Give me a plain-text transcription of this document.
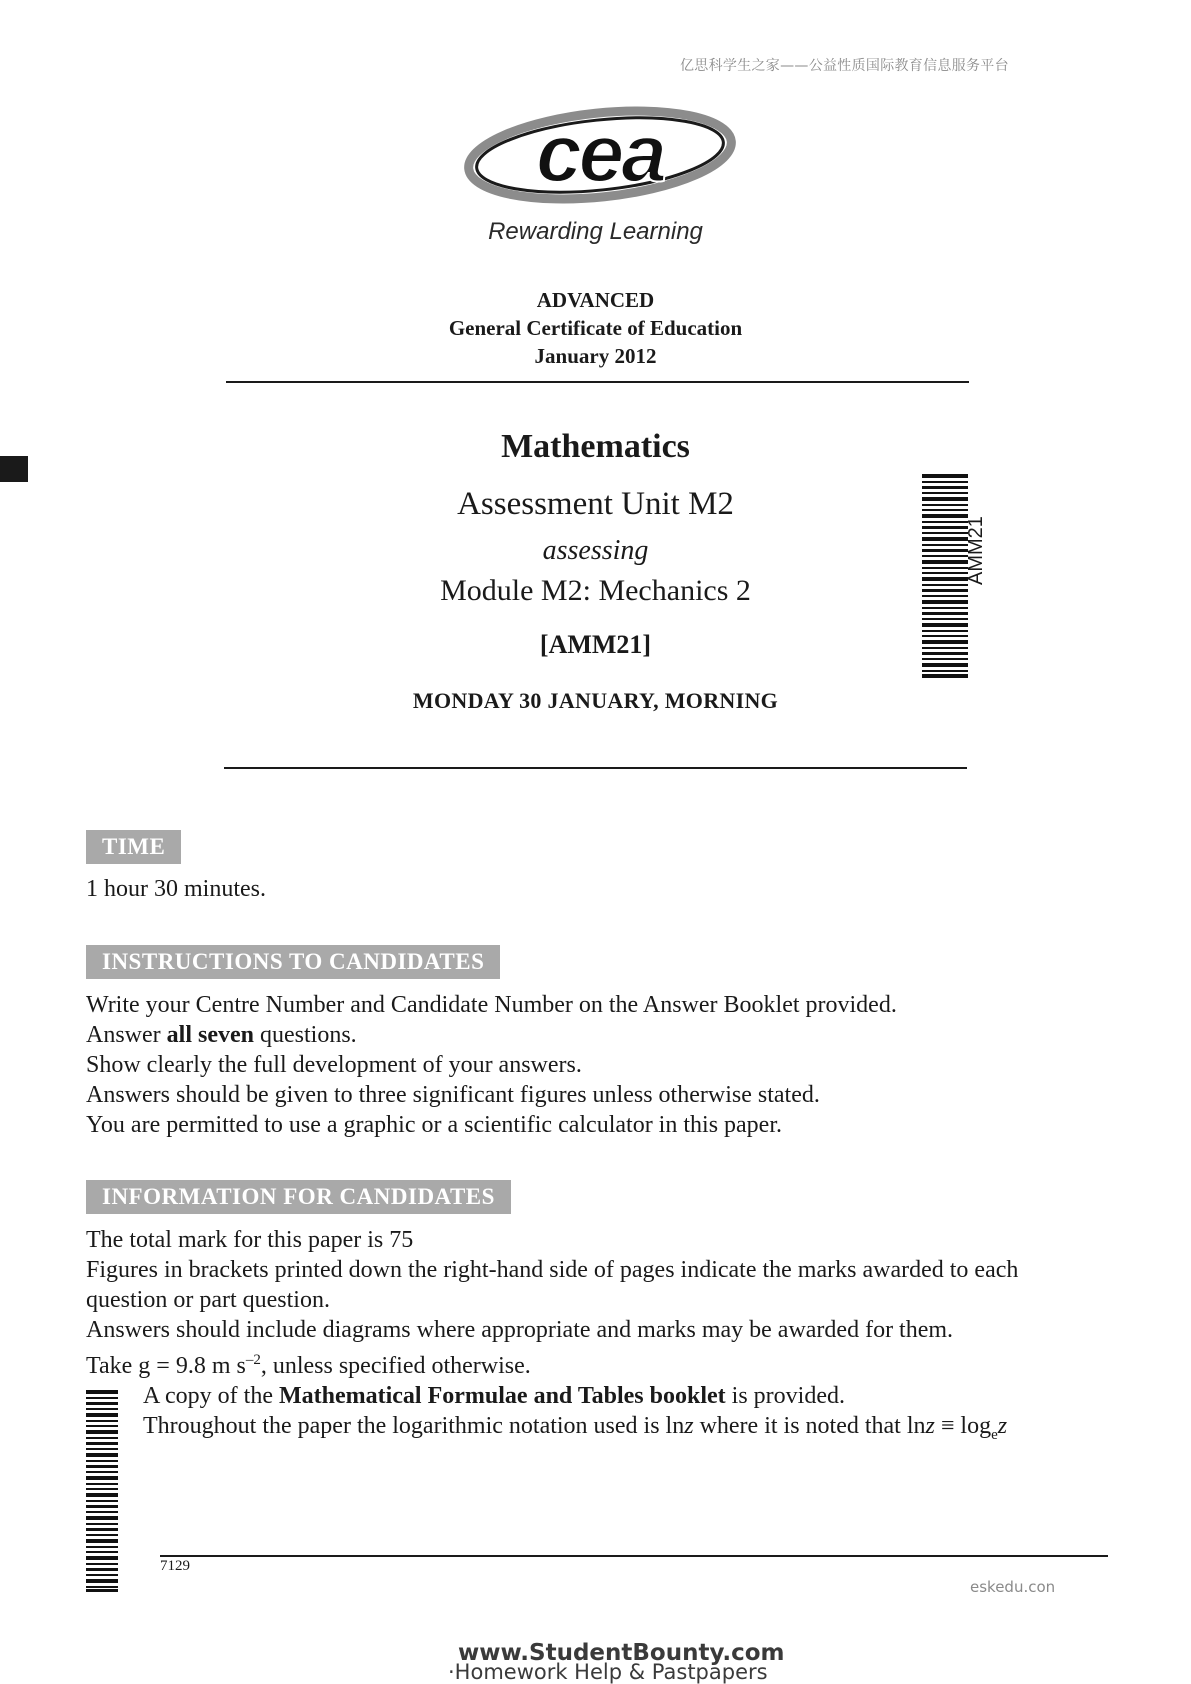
亿思科学生之家——公益性质国际教育信息服务平台
cea
Rewarding Learning
ADVANCED
General Certificate of Education
January 2012
Mathematics
Assessment Unit M2
assessing
Module M2: Mechanics 2
[AMM21]
MONDAY 30 JANUARY, MORNING
AMM21
TIME
1 hour 30 minutes.
INSTRUCTIONS TO CANDIDATES
Write your Centre Number and Candidate Number on the Answer Booklet provided.
Answer all seven questions.
Show clearly the full development of your answers.
Answers should be given to three significant figures unless otherwise stated.
You are permitted to use a graphic or a scientific calculator in this paper.
INFORMATION FOR CANDIDATES
The total mark for this paper is 75
Figures in brackets printed down the right-hand side of pages indicate the marks awarded to each
question or part question.
Answers should include diagrams where appropriate and marks may be awarded for them.
Take g = 9.8 m $s^{-2}$, unless specified otherwise.
A copy of the Mathematical Formulae and Tables booklet is provided.
Throughout the paper the logarithmic notation used is lnz where it is noted that $\ln z \equiv \log_ez$
7129
eskedu.con
www.StudentBounty.com
·Homework Help & Pastpapers
